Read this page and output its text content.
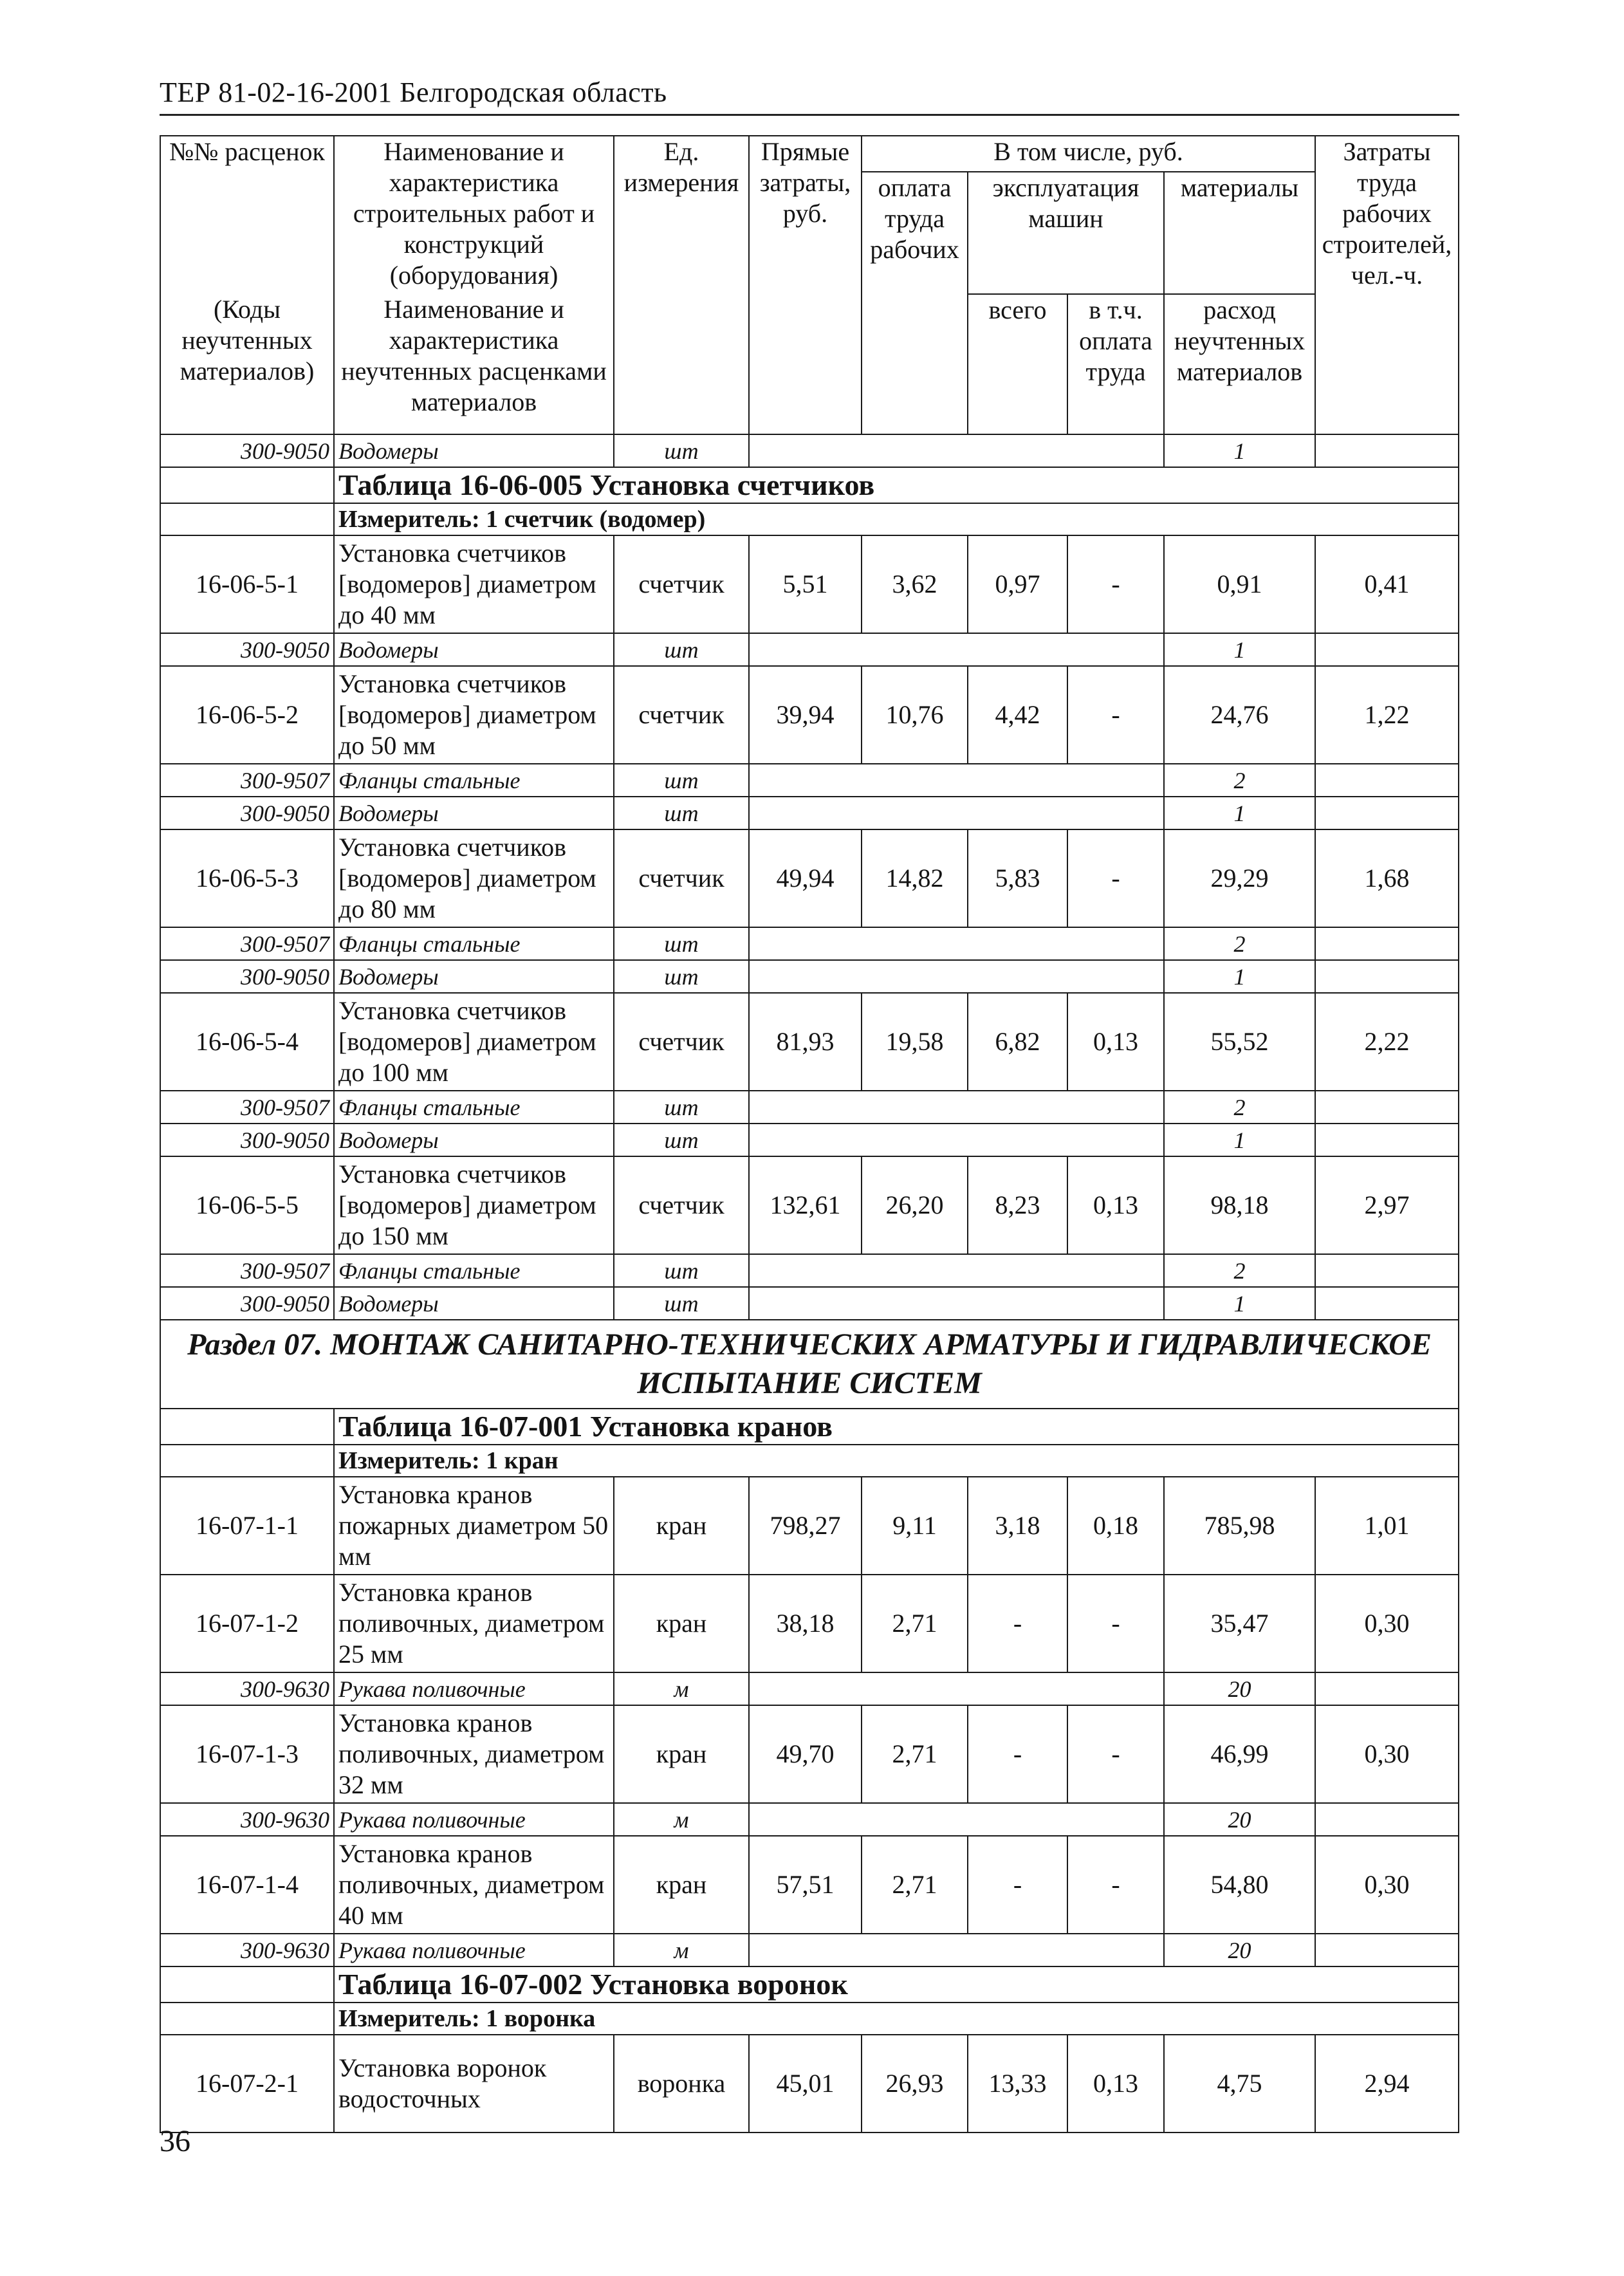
ТЕР 81-02-16-2001 Белгородская область
№№ расценок	Наименование и характеристика строительных работ и конструкций (оборудования)	Ед. измерения	Прямые затраты, руб.	В том числе, руб.				Затраты труда рабочих строителей, чел.-ч.
				оплата труда рабочих	эксплуатация машин		материалы	

(Коды неучтенных материалов)	Наименование и характеристика неучтенных расценками материалов				всего	в т.ч. оплата труда	расход неучтенных материалов	

300-9050	Водомеры	шт					1	
	Таблица 16-06-005 Установка счетчиков							
	Измеритель: 1 счетчик (водомер)							
16-06-5-1	Установка счетчиков [водомеров] диаметром до 40 мм	счетчик	5,51	3,62	0,97	-	0,91	0,41
300-9050	Водомеры	шт					1	
16-06-5-2	Установка счетчиков [водомеров] диаметром до 50 мм	счетчик	39,94	10,76	4,42	-	24,76	1,22
300-9507	Фланцы стальные	шт					2	
300-9050	Водомеры	шт					1	
16-06-5-3	Установка счетчиков [водомеров] диаметром до 80 мм	счетчик	49,94	14,82	5,83	-	29,29	1,68
300-9507	Фланцы стальные	шт					2	
300-9050	Водомеры	шт					1	
16-06-5-4	Установка счетчиков [водомеров] диаметром до 100 мм	счетчик	81,93	19,58	6,82	0,13	55,52	2,22
300-9507	Фланцы стальные	шт					2	
300-9050	Водомеры	шт					1	
16-06-5-5	Установка счетчиков [водомеров] диаметром до 150 мм	счетчик	132,61	26,20	8,23	0,13	98,18	2,97
300-9507	Фланцы стальные	шт					2	
300-9050	Водомеры	шт					1	
Раздел 07. МОНТАЖ САНИТАРНО-ТЕХНИЧЕСКИХ АРМАТУРЫ И ГИДРАВЛИЧЕСКОЕ ИСПЫТАНИЕ СИСТЕМ								
	Таблица 16-07-001 Установка кранов							
	Измеритель: 1 кран							
16-07-1-1	Установка кранов пожарных диаметром 50 мм	кран	798,27	9,11	3,18	0,18	785,98	1,01
16-07-1-2	Установка кранов поливочных, диаметром 25 мм	кран	38,18	2,71	-	-	35,47	0,30
300-9630	Рукава поливочные	м					20	
16-07-1-3	Установка кранов поливочных, диаметром 32 мм	кран	49,70	2,71	-	-	46,99	0,30
300-9630	Рукава поливочные	м					20	
16-07-1-4	Установка кранов поливочных, диаметром 40 мм	кран	57,51	2,71	-	-	54,80	0,30
300-9630	Рукава поливочные	м					20	
	Таблица 16-07-002 Установка воронок							
	Измеритель: 1 воронка							
16-07-2-1	Установка воронок водосточных	воронка	45,01	26,93	13,33	0,13	4,75	2,94
36
